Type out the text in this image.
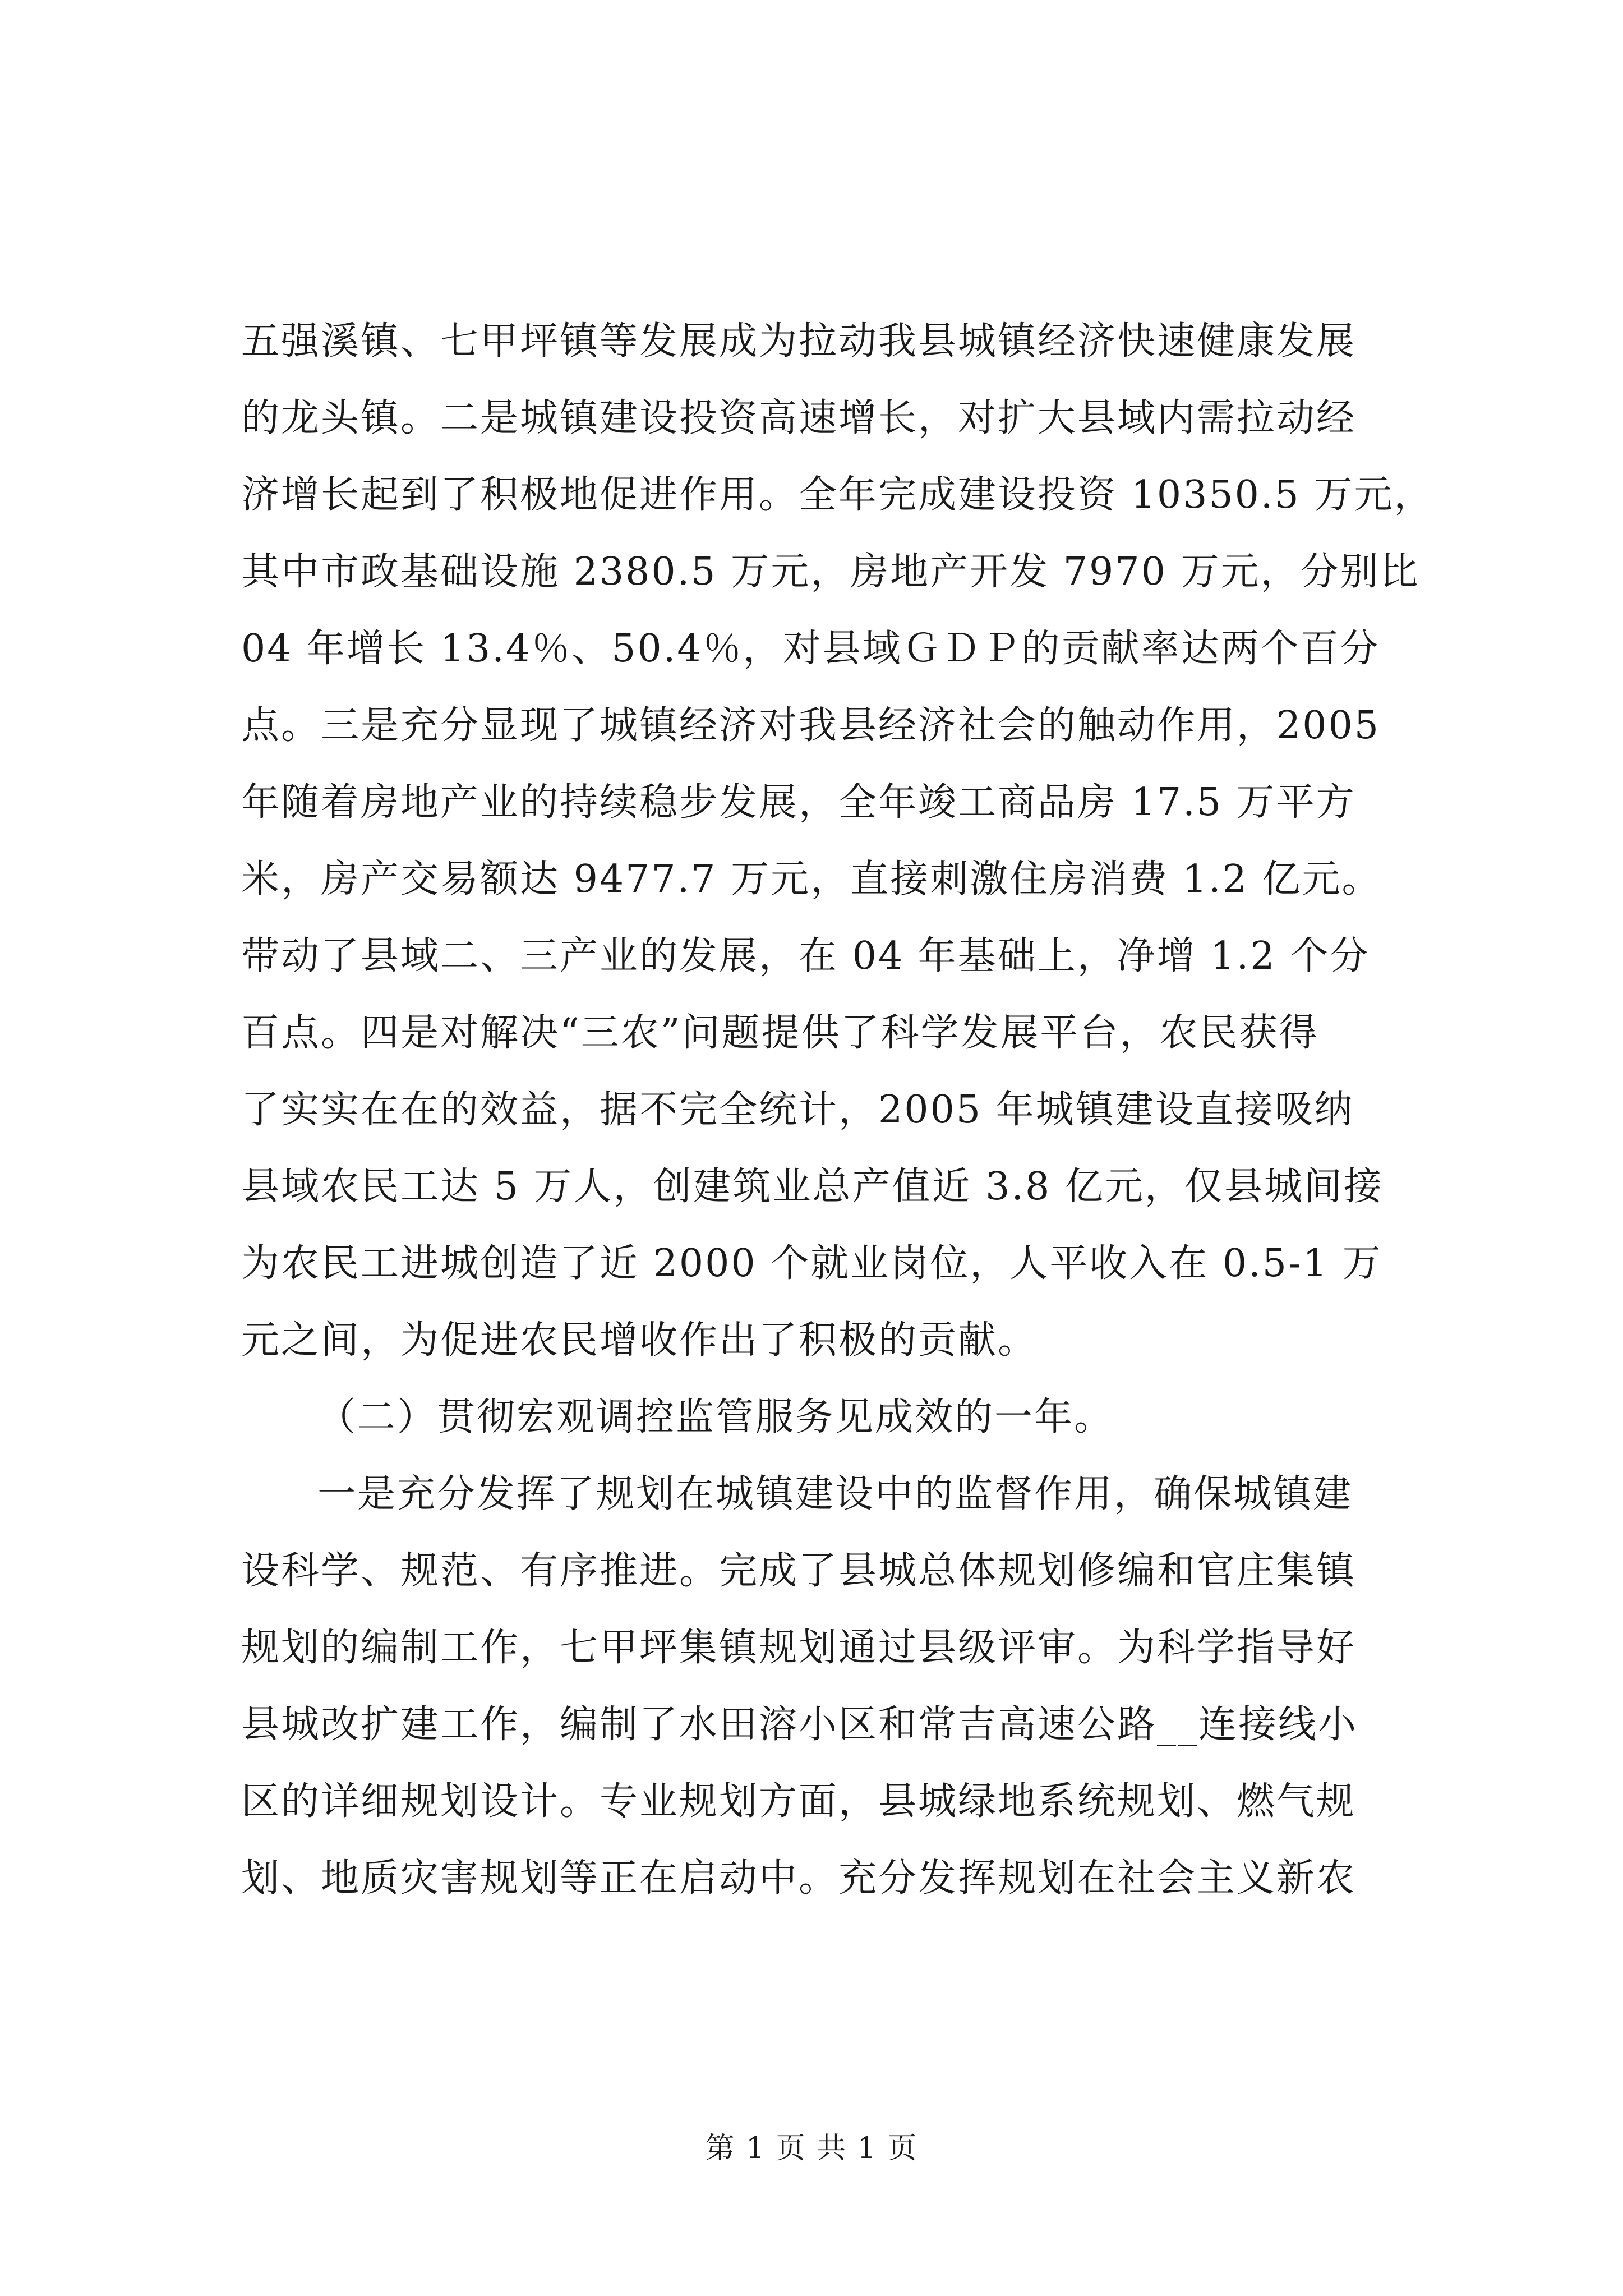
五强溪镇、七甲坪镇等发展成为拉动我县城镇经济快速健康发展
的龙头镇。二是城镇建设投资高速增长，对扩大县域内需拉动经
济增长起到了积极地促进作用。全年完成建设投资 10350.5 万元，
其中市政基础设施 2380.5 万元，房地产开发 7970 万元，分别比
04 年增长 13.4％、50.4％，对县域ＧＤＰ的贡献率达两个百分
点。三是充分显现了城镇经济对我县经济社会的触动作用，2005
年随着房地产业的持续稳步发展，全年竣工商品房 17.5 万平方
米，房产交易额达 9477.7 万元，直接刺激住房消费 1.2 亿元。
带动了县域二、三产业的发展，在 04 年基础上，净增 1.2 个分
百点。四是对解决“三农”问题提供了科学发展平台，农民获得
了实实在在的效益，据不完全统计，2005 年城镇建设直接吸纳
县域农民工达 5 万人，创建筑业总产值近 3.8 亿元，仅县城间接
为农民工进城创造了近 2000 个就业岗位，人平收入在 0.5-1 万
元之间，为促进农民增收作出了积极的贡献。
（二）贯彻宏观调控监管服务见成效的一年。
一是充分发挥了规划在城镇建设中的监督作用，确保城镇建
设科学、规范、有序推进。完成了县城总体规划修编和官庄集镇
规划的编制工作，七甲坪集镇规划通过县级评审。为科学指导好
县城改扩建工作，编制了水田溶小区和常吉高速公路__连接线小
区的详细规划设计。专业规划方面，县城绿地系统规划、燃气规
划、地质灾害规划等正在启动中。充分发挥规划在社会主义新农
第 1 页 共 1 页
